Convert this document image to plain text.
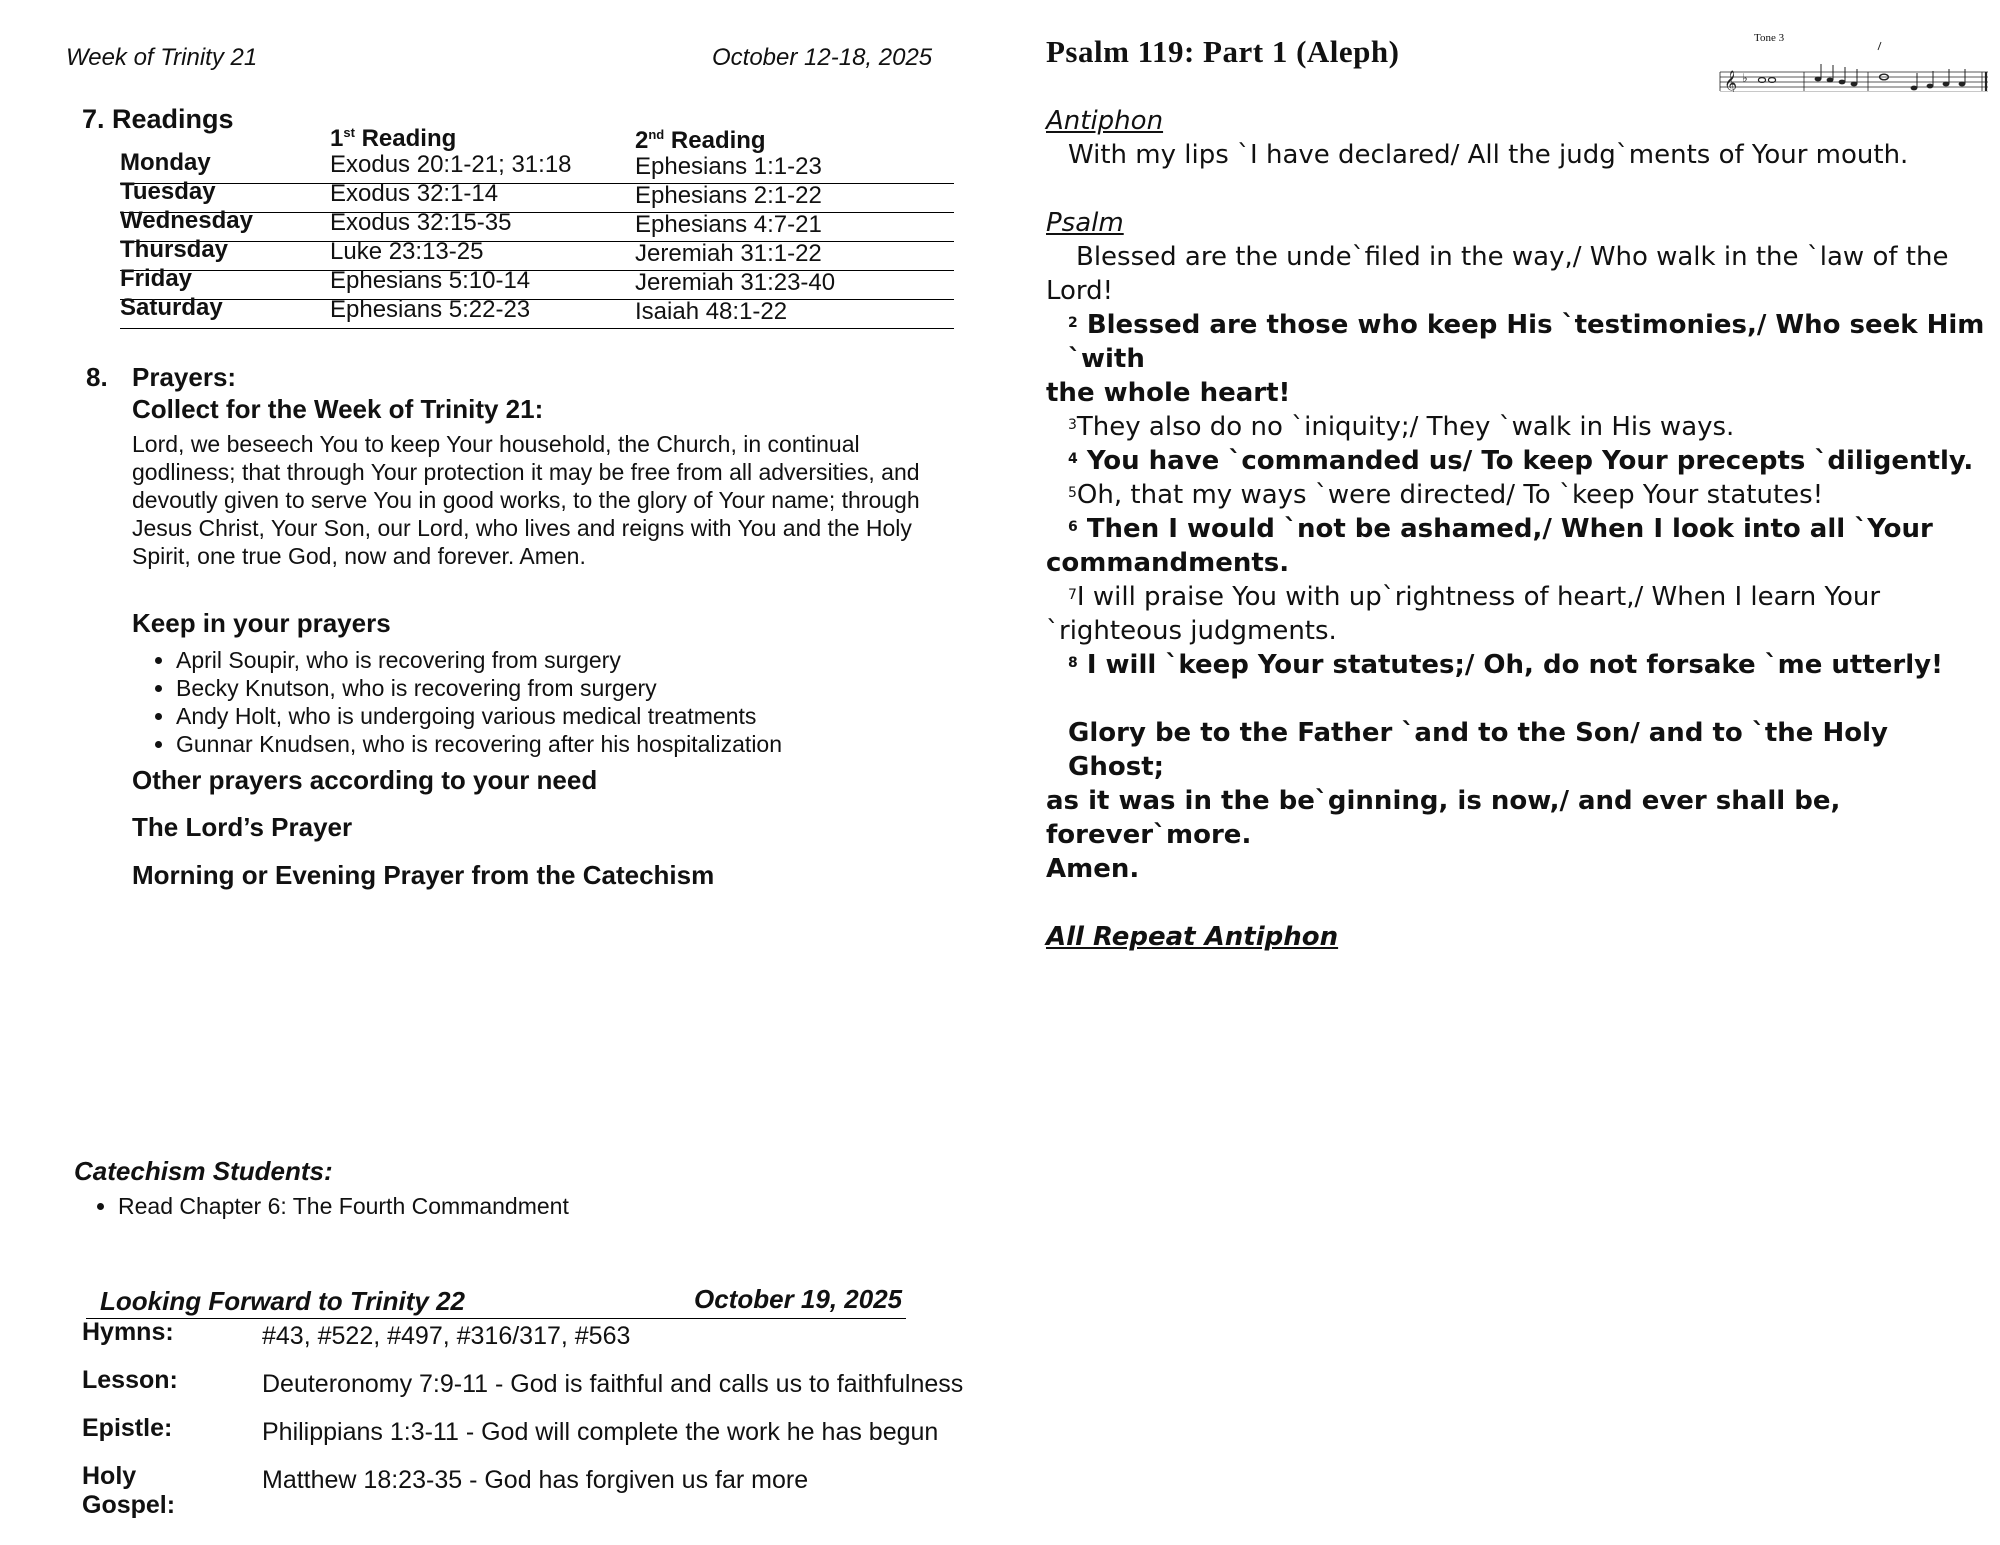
Week of Trinity 21	October 12-18, 2025
7. Readings
1st Reading	2nd Reading
Monday	Exodus 20:1-21; 31:18	Ephesians 1:1-23
Tuesday	Exodus 32:1-14	Ephesians 2:1-22
Wednesday	Exodus 32:15-35	Ephesians 4:7-21
Thursday	Luke 23:13-25	Jeremiah 31:1-22
Friday	Ephesians 5:10-14	Jeremiah 31:23-40
Saturday	Ephesians 5:22-23	Isaiah 48:1-22
8. Prayers:
Collect for the Week of Trinity 21:
Lord, we beseech You to keep Your household, the Church, in continual
godliness; that through Your protection it may be free from all adversities, and
devoutly given to serve You in good works, to the glory of Your name; through
Jesus Christ, Your Son, our Lord, who lives and reigns with You and the Holy
Spirit, one true God, now and forever. Amen.
Keep in your prayers
• April Soupir, who is recovering from surgery
• Becky Knutson, who is recovering from surgery
• Andy Holt, who is undergoing various medical treatments
• Gunnar Knudsen, who is recovering after his hospitalization
Other prayers according to your need
The Lord’s Prayer
Morning or Evening Prayer from the Catechism
Catechism Students:
• Read Chapter 6: The Fourth Commandment
Looking Forward to Trinity 22	October 19, 2025
Hymns:	#43, #522, #497, #316/317, #563
Lesson:	Deuteronomy 7:9-11 - God is faithful and calls us to faithfulness
Epistle:	Philippians 1:3-11 - God will complete the work he has begun
Holy Gospel:
Matthew 18:23-35 - God has forgiven us far more
Psalm 119: Part 1 (Aleph)	Tone 3
𝄞 ♭
Antiphon
With my lips `I have declared/ All the judg`ments of Your mouth.
Psalm
Blessed are the unde`filed in the way,/ Who walk in the `law of the
Lord!
$^2$ Blessed are those who keep His `testimonies,/ Who seek Him `with
the whole heart!
$^3$They also do no `iniquity;/ They `walk in His ways.
$^4$ You have `commanded us/ To keep Your precepts `diligently.
$^5$Oh, that my ways `were directed/ To `keep Your statutes!
$^6$ Then I would `not be ashamed,/ When I look into all `Your
commandments.
$^7$I will praise You with up`rightness of heart,/ When I learn Your
`righteous judgments.
$^8$ I will `keep Your statutes;/ Oh, do not forsake `me utterly!
Glory be to the Father `and to the Son/ and to `the Holy Ghost;
as it was in the be`ginning, is now,/ and ever shall be, forever`more.
Amen.
All Repeat Antiphon
